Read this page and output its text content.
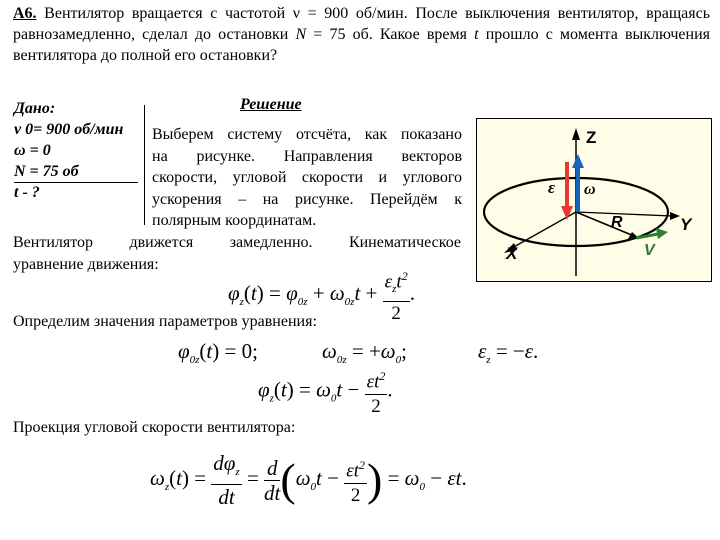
А6. Вентилятор вращается с частотой ν = 900 об/мин. После выключения вентилятор, вращаясь равнозамедленно, сделал до остановки N = 75 об. Какое время t прошло с момента выключения вентилятора до полной его остановки?
Дано:
ν 0= 900 об/мин
ω = 0
N = 75 об
t - ?
Решение
Выберем систему отсчёта, как показано
на рисунке. Направления векторов
скорости, угловой скорости и углового
ускорения – на рисунке. Перейдём к
полярным координатам.
Z
X
Y
ε ω
R
V
Вентилятор движется замедленно. Кинематическое
уравнение движения:
$\varphi_z(t) = \varphi_{0z} + \omega_{0z}t + \frac{\varepsilon_zt^2}{2}$ .
Определим значения параметров уравнения:
$\varphi_{0z}(t) = 0$;	$\omega_{0z} = +\omega_0$;	$\varepsilon_z = -\varepsilon$.
$\varphi_z(t) = \omega_0t - \frac{\varepsilon t^2}{2}$ .
Проекция угловой скорости вентилятора:
$\omega_z(t) = \frac{d\varphi_z}{dt} = \frac{d}{dt} (\omega_0t - \frac{\varepsilon t^2}{2}$ ) = $\omega_0 - \varepsilon t$.
